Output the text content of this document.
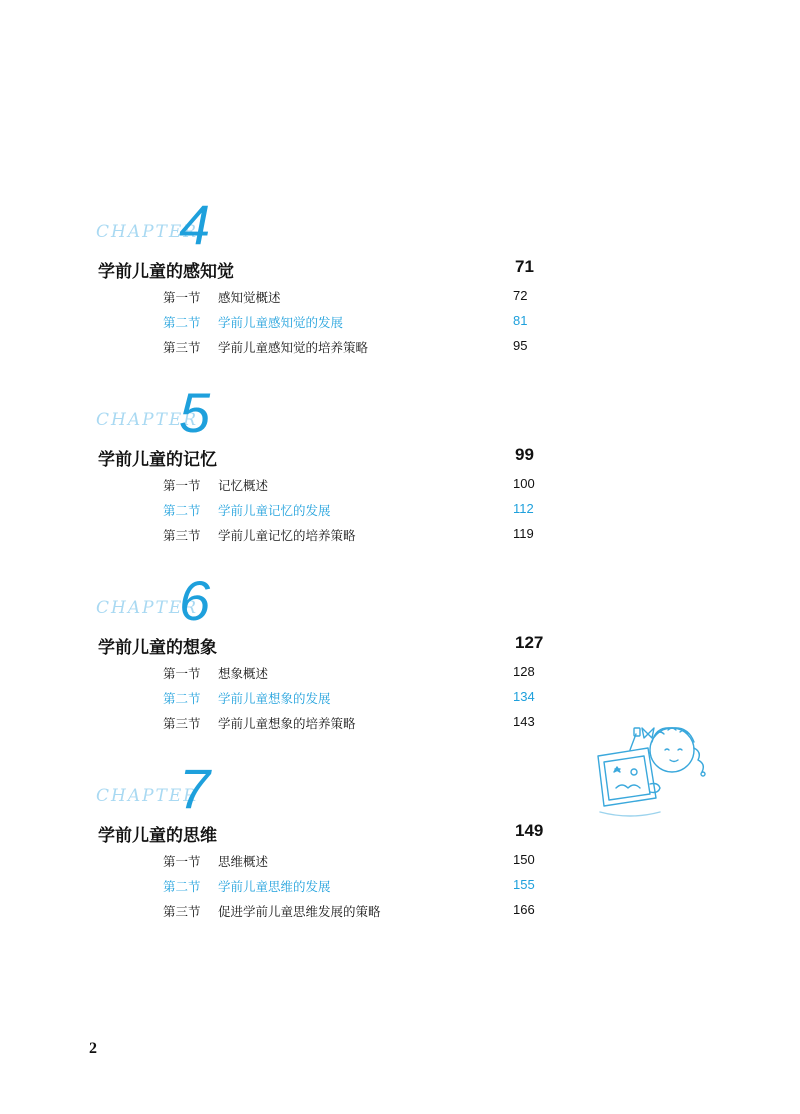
CHAPTER
4
学前儿童的感知觉	71
第一节 感知觉概述	72
第二节 学前儿童感知觉的发展	81
第三节 学前儿童感知觉的培养策略	95
CHAPTER
5
学前儿童的记忆	99
第一节 记忆概述	100
第二节 学前儿童记忆的发展	112
第三节 学前儿童记忆的培养策略	119
CHAPTER
6
学前儿童的想象	127
第一节 想象概述	128
第二节 学前儿童想象的发展	134
第三节 学前儿童想象的培养策略	143
CHAPTER
7
学前儿童的思维	149
第一节 思维概述	150
第二节 学前儿童思维的发展	155
第三节 促进学前儿童思维发展的策略	166
2
